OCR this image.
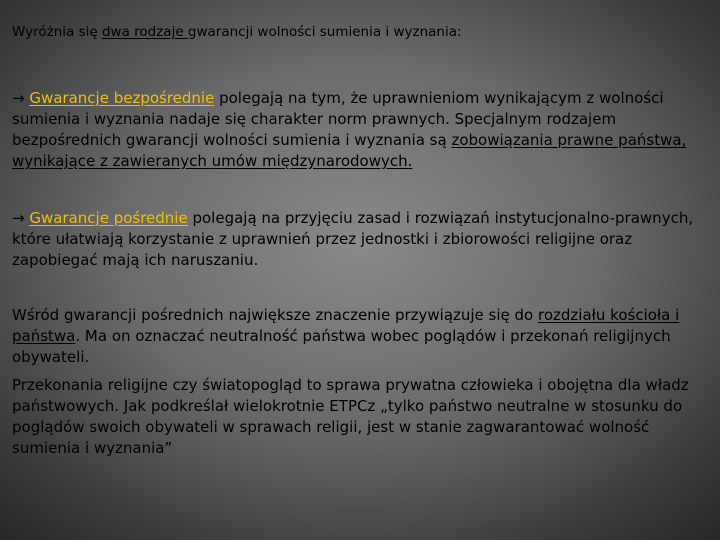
Wyróżnia się dwa rodzaje gwarancji wolności sumienia i wyznania:
→ Gwarancje bezpośrednie polegają na tym, że uprawnieniom wynikającym z wolności sumienia i wyznania nadaje się charakter norm prawnych. Specjalnym rodzajem bezpośrednich gwarancji wolności sumienia i wyznania są zobowiązania prawne państwa, wynikające z zawieranych umów międzynarodowych.
→ Gwarancje pośrednie polegają na przyjęciu zasad i rozwiązań instytucjonalno-prawnych, które ułatwiają korzystanie z uprawnień przez jednostki i zbiorowości religijne oraz zapobiegać mają ich naruszaniu.
Wśród gwarancji pośrednich największe znaczenie przywiązuje się do rozdziału kościoła i państwa. Ma on oznaczać neutralność państwa wobec poglądów i przekonań religijnych obywateli.
Przekonania religijne czy światopogląd to sprawa prywatna człowieka i obojętna dla władz państwowych. Jak podkreślał wielokrotnie ETPCz „tylko państwo neutralne w stosunku do poglądów swoich obywateli w sprawach religii, jest w stanie zagwarantować wolność sumienia i wyznania”
